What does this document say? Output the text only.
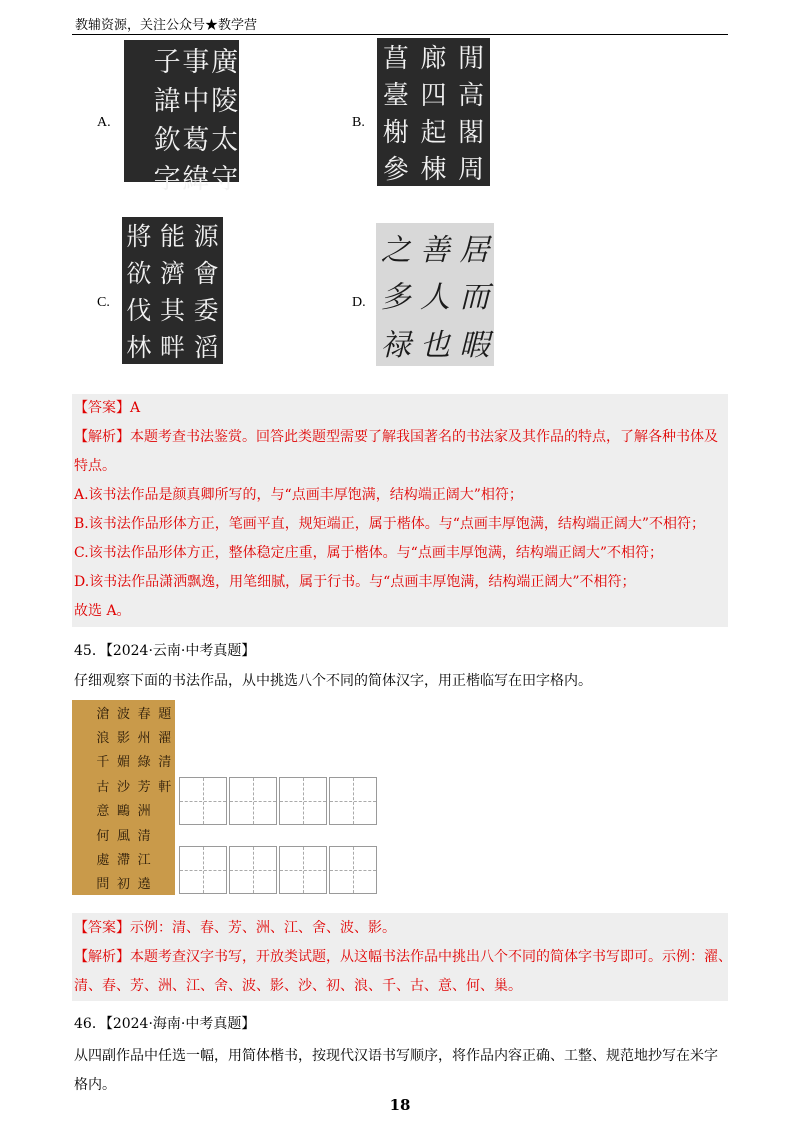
教辅资源，关注公众号★教学营
A.
廣
陵
太
守
事
中
葛
緯
子
諱
欽
字
B.
閒
高
閣
周
廊
四
起
棟
菖
臺
榭
參
C.
源
會
委
滔
能
濟
其
畔
將
欲
伐
林
D.
居
而
暇
善
人
也
之
多
禄
【答案】A
【解析】本题考查书法鉴赏。回答此类题型需要了解我国著名的书法家及其作品的特点，了解各种书体及
特点。
A.该书法作品是颜真卿所写的，与“点画丰厚饱满，结构端正阔大”相符；
B.该书法作品形体方正，笔画平直，规矩端正，属于楷体。与“点画丰厚饱满，结构端正阔大”不相符；
C.该书法作品形体方正，整体稳定庄重，属于楷体。与“点画丰厚饱满，结构端正阔大”不相符；
D.该书法作品潇洒飘逸，用笔细腻，属于行书。与“点画丰厚饱满，结构端正阔大”不相符；
故选 A。
45．【2024·云南·中考真题】
仔细观察下面的书法作品，从中挑选八个不同的简体汉字，用正楷临写在田字格内。
題
濯
清
軒
春
州
綠
芳
洲
清
江
遶
波
影
媚
沙
鷗
風
滯
初
滄
浪
千
古
意
何
處
問
【答案】示例：清、春、芳、洲、江、舍、波、影。
【解析】本题考查汉字书写，开放类试题，从这幅书法作品中挑出八个不同的简体字书写即可。示例：濯、
清、春、芳、洲、江、舍、波、影、沙、初、浪、千、古、意、何、巢。
46．【2024·海南·中考真题】
从四副作品中任选一幅，用简体楷书，按现代汉语书写顺序，将作品内容正确、工整、规范地抄写在米字
格内。
18
